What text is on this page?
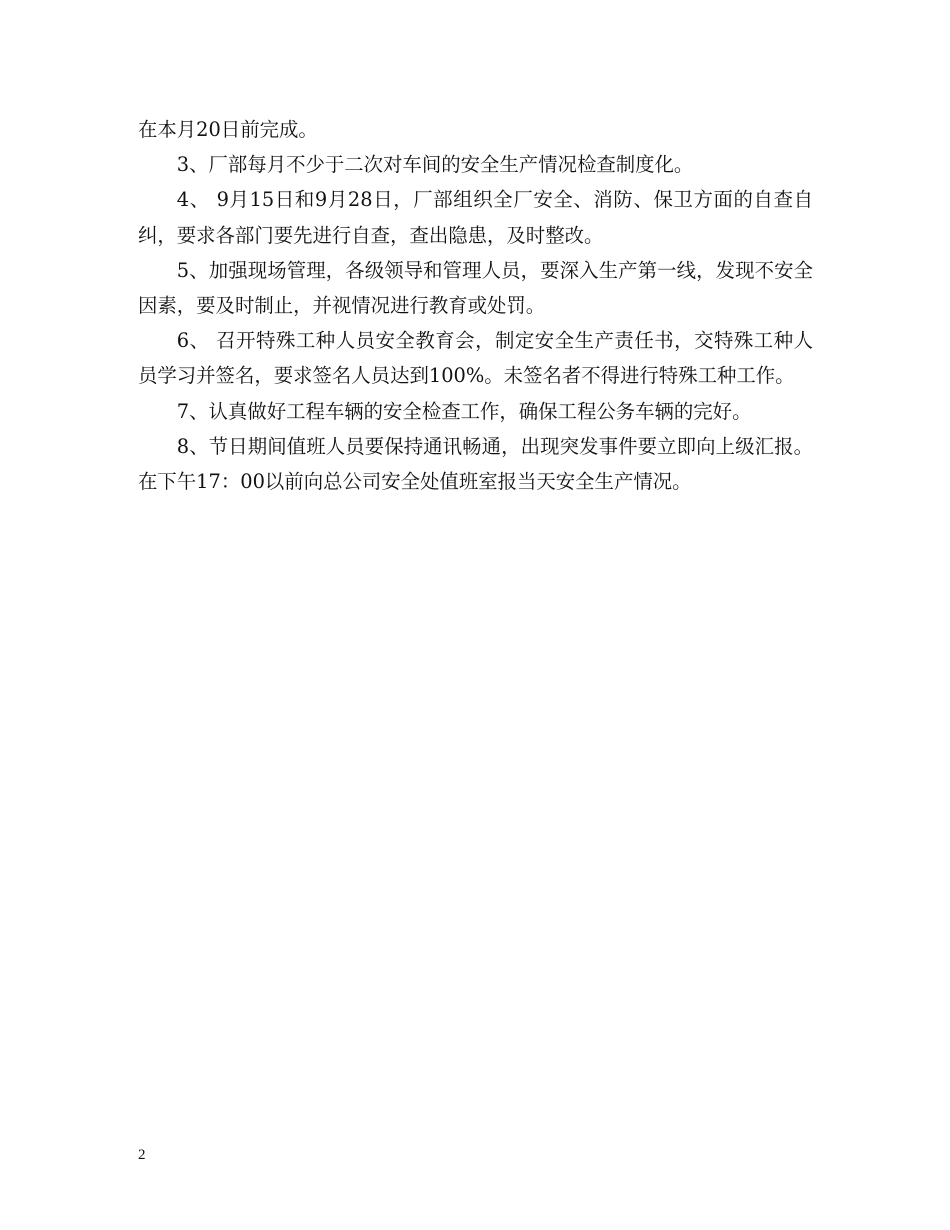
在本月20日前完成。

3、厂部每月不少于二次对车间的安全生产情况检查制度化。

4、 9月15日和9月28日，厂部组织全厂安全、消防、保卫方面的自查自纠，要求各部门要先进行自查，查出隐患，及时整改。

5、加强现场管理，各级领导和管理人员，要深入生产第一线，发现不安全因素，要及时制止，并视情况进行教育或处罚。

6、 召开特殊工种人员安全教育会，制定安全生产责任书，交特殊工种人员学习并签名，要求签名人员达到100%。未签名者不得进行特殊工种工作。

7、认真做好工程车辆的安全检查工作，确保工程公务车辆的完好。

8、节日期间值班人员要保持通讯畅通，出现突发事件要立即向上级汇报。在下午17：00以前向总公司安全处值班室报当天安全生产情况。

2
